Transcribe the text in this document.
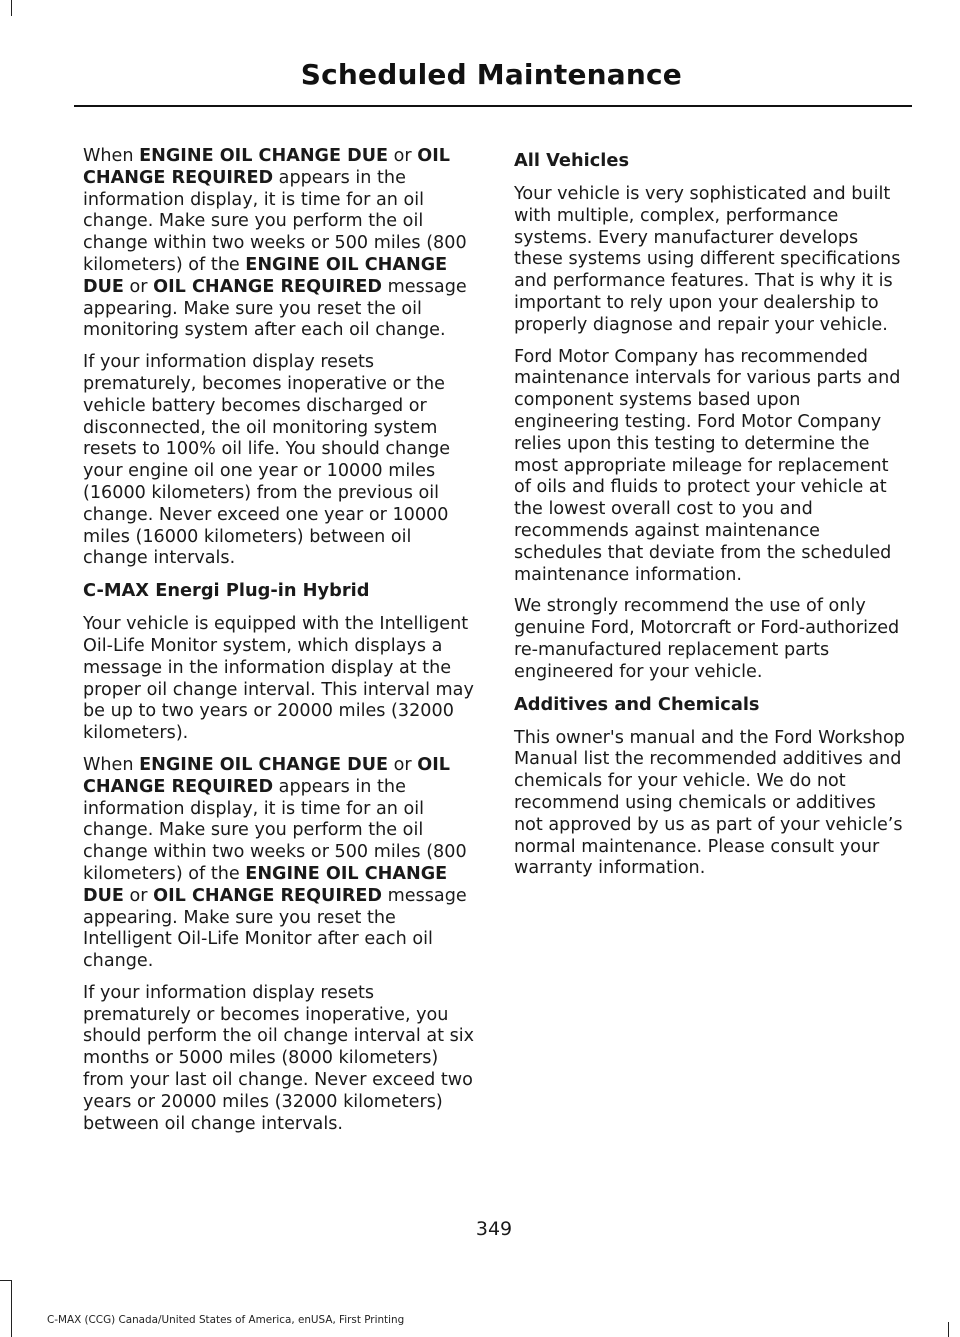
Scheduled Maintenance

When ENGINE OIL CHANGE DUE or OIL CHANGE REQUIRED appears in the information display, it is time for an oil change. Make sure you perform the oil change within two weeks or 500 miles (800 kilometers) of the ENGINE OIL CHANGE DUE or OIL CHANGE REQUIRED message appearing. Make sure you reset the oil monitoring system after each oil change.

If your information display resets prematurely, becomes inoperative or the vehicle battery becomes discharged or disconnected, the oil monitoring system resets to 100% oil life. You should change your engine oil one year or 10000 miles (16000 kilometers) from the previous oil change. Never exceed one year or 10000 miles (16000 kilometers) between oil change intervals.

C-MAX Energi Plug-in Hybrid

Your vehicle is equipped with the Intelligent Oil-Life Monitor system, which displays a message in the information display at the proper oil change interval. This interval may be up to two years or 20000 miles (32000 kilometers).

When ENGINE OIL CHANGE DUE or OIL CHANGE REQUIRED appears in the information display, it is time for an oil change. Make sure you perform the oil change within two weeks or 500 miles (800 kilometers) of the ENGINE OIL CHANGE DUE or OIL CHANGE REQUIRED message appearing. Make sure you reset the Intelligent Oil-Life Monitor after each oil change.

If your information display resets prematurely or becomes inoperative, you should perform the oil change interval at six months or 5000 miles (8000 kilometers) from your last oil change. Never exceed two years or 20000 miles (32000 kilometers) between oil change intervals.

All Vehicles

Your vehicle is very sophisticated and built with multiple, complex, performance systems. Every manufacturer develops these systems using different specifications and performance features. That is why it is important to rely upon your dealership to properly diagnose and repair your vehicle.

Ford Motor Company has recommended maintenance intervals for various parts and component systems based upon engineering testing. Ford Motor Company relies upon this testing to determine the most appropriate mileage for replacement of oils and fluids to protect your vehicle at the lowest overall cost to you and recommends against maintenance schedules that deviate from the scheduled maintenance information.

We strongly recommend the use of only genuine Ford, Motorcraft or Ford-authorized re-manufactured replacement parts engineered for your vehicle.

Additives and Chemicals

This owner's manual and the Ford Workshop Manual list the recommended additives and chemicals for your vehicle. We do not recommend using chemicals or additives not approved by us as part of your vehicle’s normal maintenance. Please consult your warranty information.

349
C-MAX (CCG) Canada/United States of America, enUSA, First Printing
